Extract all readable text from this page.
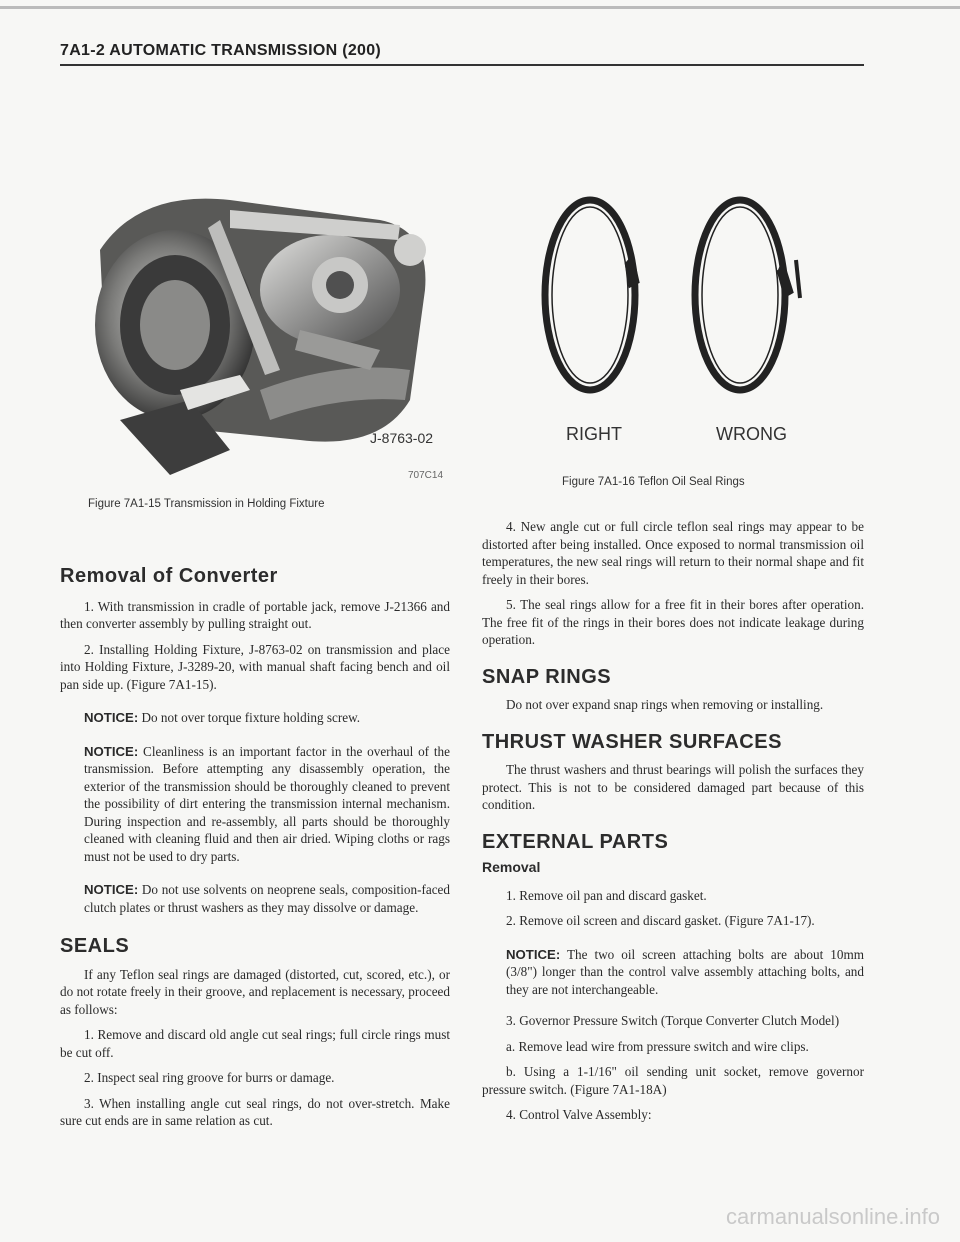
7A1-2 AUTOMATIC TRANSMISSION (200)
J-8763-02
707C14
Figure 7A1-15 Transmission in Holding Fixture
RIGHT	WRONG
Figure 7A1-16 Teflon Oil Seal Rings
Removal of Converter

1. With transmission in cradle of portable jack, remove J-21366 and then converter assembly by pulling straight out.

2. Installing Holding Fixture, J-8763-02 on transmission and place into Holding Fixture, J-3289-20, with manual shaft facing bench and oil pan side up. (Figure 7A1-15).

NOTICE: Do not over torque fixture holding screw.

NOTICE: Cleanliness is an important factor in the overhaul of the transmission. Before attempting any disassembly operation, the exterior of the transmission should be thoroughly cleaned to prevent the possibility of dirt entering the transmission internal mechanism. During inspection and re-assembly, all parts should be thoroughly cleaned with cleaning fluid and then air dried. Wiping cloths or rags must not be used to dry parts.

NOTICE: Do not use solvents on neoprene seals, composition-faced clutch plates or thrust washers as they may dissolve or damage.

SEALS

If any Teflon seal rings are damaged (distorted, cut, scored, etc.), or do not rotate freely in their groove, and replacement is necessary, proceed as follows:

1. Remove and discard old angle cut seal rings; full circle rings must be cut off.

2. Inspect seal ring groove for burrs or damage.

3. When installing angle cut seal rings, do not over-stretch. Make sure cut ends are in same relation as cut.

4. New angle cut or full circle teflon seal rings may appear to be distorted after being installed. Once exposed to normal transmission oil temperatures, the new seal rings will return to their normal shape and fit freely in their bores.

5. The seal rings allow for a free fit in their bores after operation. The free fit of the rings in their bores does not indicate leakage during operation.

SNAP RINGS

Do not over expand snap rings when removing or installing.

THRUST WASHER SURFACES

The thrust washers and thrust bearings will polish the surfaces they protect. This is not to be considered damaged part because of this condition.

EXTERNAL PARTS
Removal

1. Remove oil pan and discard gasket.

2. Remove oil screen and discard gasket. (Figure 7A1-17).

NOTICE: The two oil screen attaching bolts are about 10mm (3/8") longer than the control valve assembly attaching bolts, and they are not interchangeable.

3. Governor Pressure Switch (Torque Converter Clutch Model)

a. Remove lead wire from pressure switch and wire clips.

b. Using a 1-1/16" oil sending unit socket, remove governor pressure switch. (Figure 7A1-18A)

4. Control Valve Assembly:

carmanualsonline.info
